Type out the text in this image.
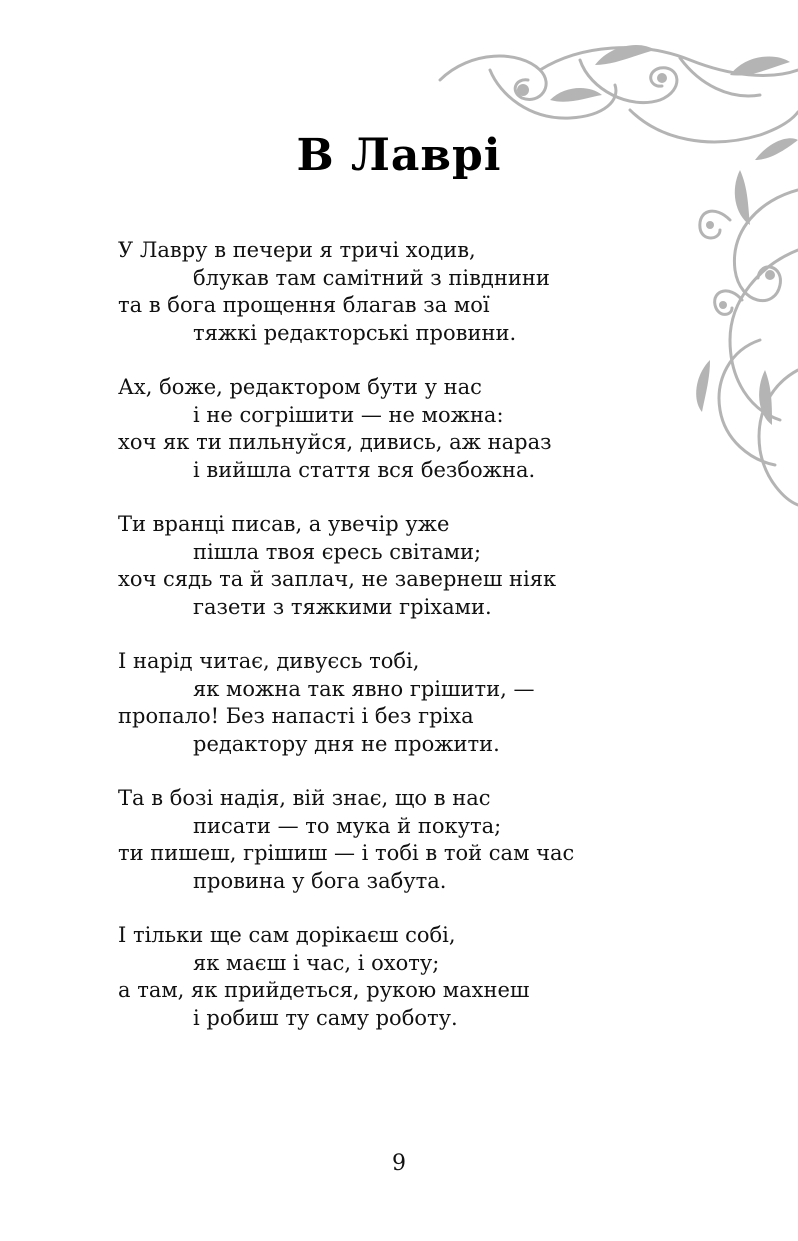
В Лаврі
У Лавру в печери я тричі ходив,
блукав там самітний з півднини
та в бога прощення благав за мої
тяжкі редакторські провини.
Ах, боже, редактором бути у нас
і не согрішити — не можна:
хоч як ти пильнуйся, дивись, аж нараз
і вийшла стаття вся безбожна.
Ти вранці писав, а увечір уже
пішла твоя єресь світами;
хоч сядь та й заплач, не завернеш ніяк
газети з тяжкими гріхами.
І нарід читає, дивуєсь тобі,
як можна так явно грішити, —
пропало! Без напасті і без гріха
редактору дня не прожити.
Та в бозі надія, вій знає, що в нас
писати — то мука й покута;
ти пишеш, грішиш — і тобі в той сам час
провина у бога забута.
І тільки ще сам дорікаєш собі,
як маєш і час, і охоту;
а там, як прийдеться, рукою махнеш
і робиш ту саму роботу.
9
